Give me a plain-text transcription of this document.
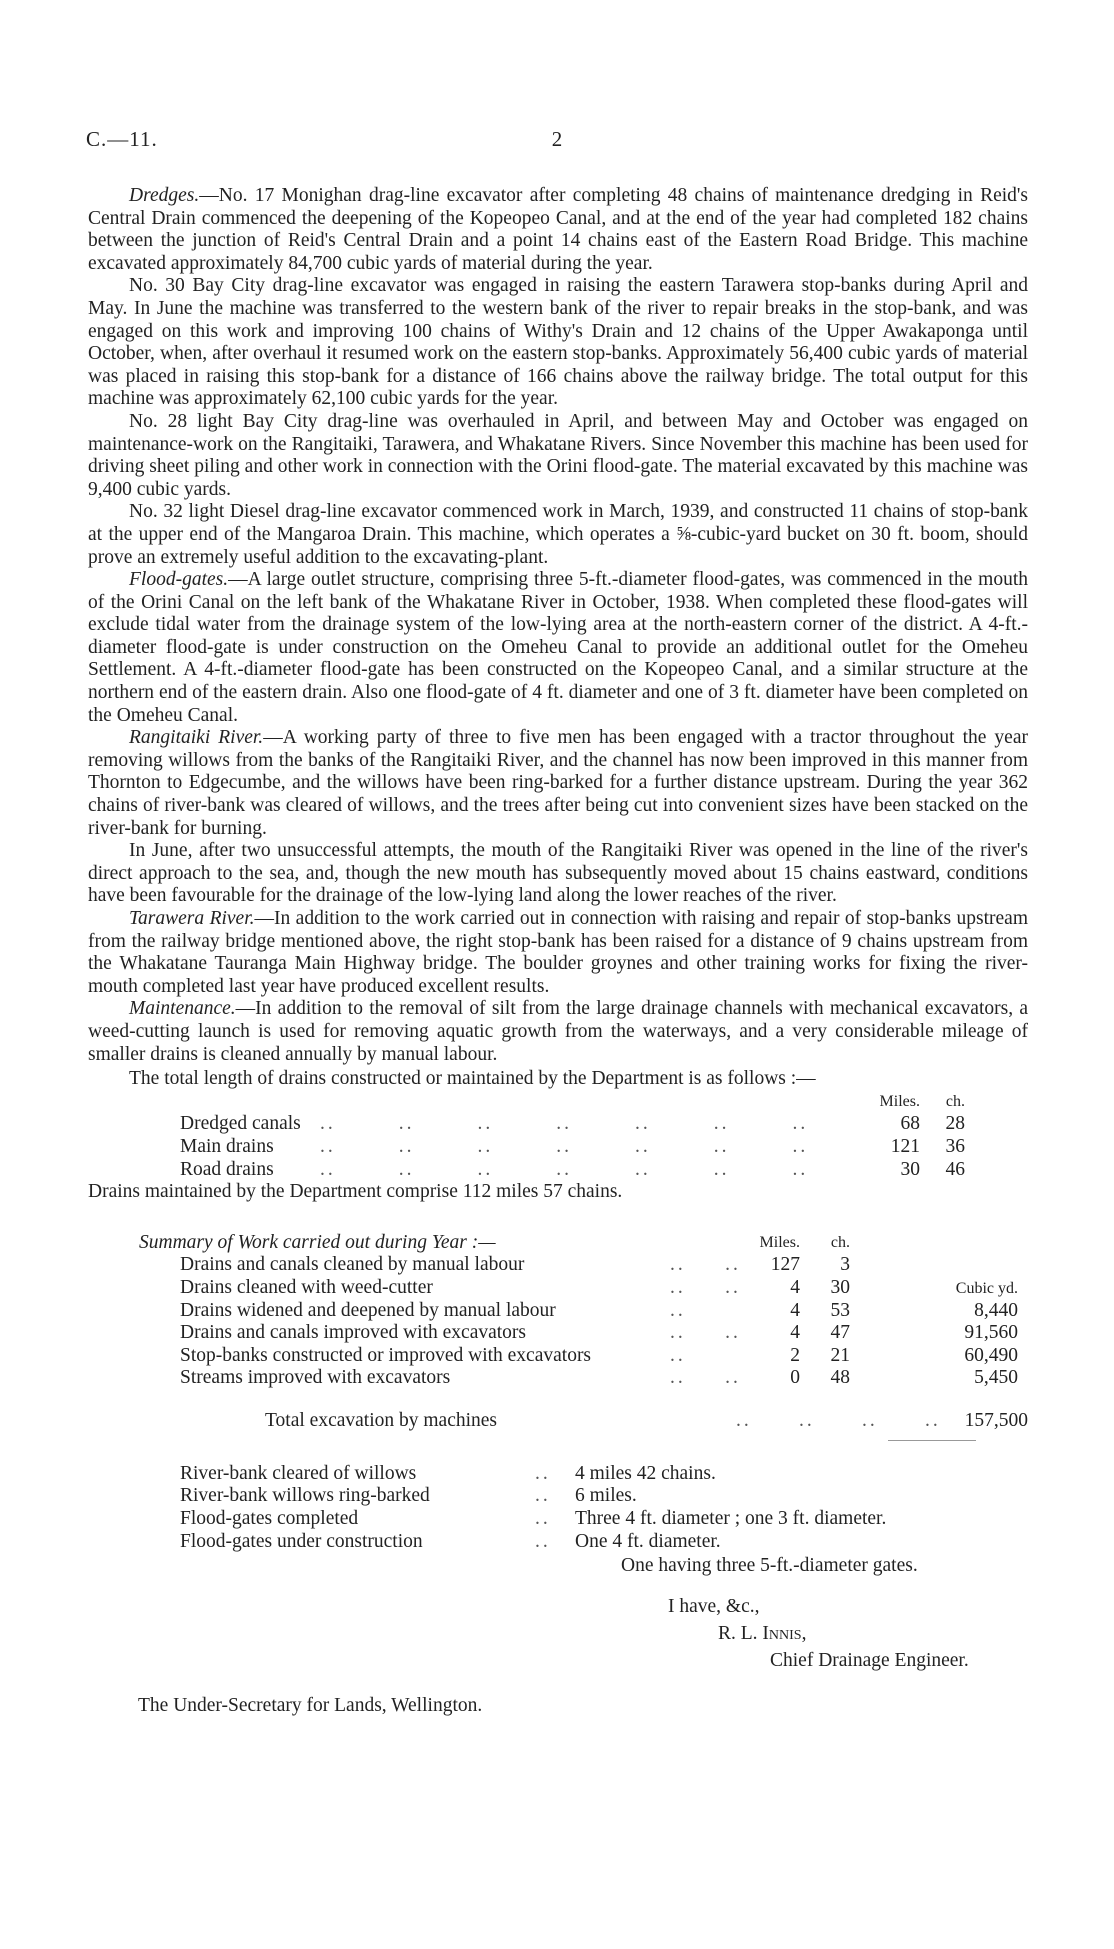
C.—11.	2

Dredges.—No. 17 Monighan drag-line excavator after completing 48 chains of maintenance dredging in Reid's Central Drain commenced the deepening of the Kopeopeo Canal, and at the end of the year had completed 182 chains between the junction of Reid's Central Drain and a point 14 chains east of the Eastern Road Bridge. This machine excavated approximately 84,700 cubic yards of material during the year.

No. 30 Bay City drag-line excavator was engaged in raising the eastern Tarawera stop-banks during April and May. In June the machine was transferred to the western bank of the river to repair breaks in the stop-bank, and was engaged on this work and improving 100 chains of Withy's Drain and 12 chains of the Upper Awakaponga until October, when, after overhaul it resumed work on the eastern stop-banks. Approximately 56,400 cubic yards of material was placed in raising this stop-bank for a distance of 166 chains above the railway bridge. The total output for this machine was approximately 62,100 cubic yards for the year.

No. 28 light Bay City drag-line was overhauled in April, and between May and October was engaged on maintenance-work on the Rangitaiki, Tarawera, and Whakatane Rivers. Since November this machine has been used for driving sheet piling and other work in connection with the Orini flood-gate. The material excavated by this machine was 9,400 cubic yards.

No. 32 light Diesel drag-line excavator commenced work in March, 1939, and constructed 11 chains of stop-bank at the upper end of the Mangaroa Drain. This machine, which operates a ⅝-cubic-yard bucket on 30 ft. boom, should prove an extremely useful addition to the excavating-plant.

Flood-gates.—A large outlet structure, comprising three 5-ft.-diameter flood-gates, was commenced in the mouth of the Orini Canal on the left bank of the Whakatane River in October, 1938. When completed these flood-gates will exclude tidal water from the drainage system of the low-lying area at the north-eastern corner of the district. A 4-ft.-diameter flood-gate is under construction on the Omeheu Canal to provide an additional outlet for the Omeheu Settlement. A 4-ft.-diameter flood-gate has been constructed on the Kopeopeo Canal, and a similar structure at the northern end of the eastern drain. Also one flood-gate of 4 ft. diameter and one of 3 ft. diameter have been completed on the Omeheu Canal.

Rangitaiki River.—A working party of three to five men has been engaged with a tractor throughout the year removing willows from the banks of the Rangitaiki River, and the channel has now been improved in this manner from Thornton to Edgecumbe, and the willows have been ring-barked for a further distance upstream. During the year 362 chains of river-bank was cleared of willows, and the trees after being cut into convenient sizes have been stacked on the river-bank for burning.

In June, after two unsuccessful attempts, the mouth of the Rangitaiki River was opened in the line of the river's direct approach to the sea, and, though the new mouth has subsequently moved about 15 chains eastward, conditions have been favourable for the drainage of the low-lying land along the lower reaches of the river.

Tarawera River.—In addition to the work carried out in connection with raising and repair of stop-banks upstream from the railway bridge mentioned above, the right stop-bank has been raised for a distance of 9 chains upstream from the Whakatane Tauranga Main Highway bridge. The boulder groynes and other training works for fixing the river-mouth completed last year have produced excellent results.

Maintenance.—In addition to the removal of silt from the large drainage channels with mechanical excavators, a weed-cutting launch is used for removing aquatic growth from the waterways, and a very considerable mileage of smaller drains is cleaned annually by manual labour.

The total length of drains constructed or maintained by the Department is as follows :—

Miles.	ch.
Dredged canals ..        ..        ..        ..        ..        ..        ..	68	28
Main drains	..        ..        ..        ..        ..        ..        ..	121	36
Road drains	..        ..        ..        ..        ..        ..        ..	30	46
Drains maintained by the Department comprise 112 miles 57 chains.
Summary of Work carried out during Year :—	Miles.	ch.
Drains and canals cleaned by manual labour	..     ..	127	3
Drains cleaned with weed-cutter	..     ..	4	30	Cubic yd.
Drains widened and deepened by manual labour	..	4	53	8,440
Drains and canals improved with excavators	..     ..	4	47	91,560
Stop-banks constructed or improved with excavators	..	2	21	60,490
Streams improved with excavators	..     ..	0	48	5,450
Total excavation by machines	..      ..      ..      ..	157,500
River-bank cleared of willows	..	4 miles 42 chains.
River-bank willows ring-barked	..	6 miles.
Flood-gates completed	..	Three 4 ft. diameter ; one 3 ft. diameter.
Flood-gates under construction	..	One 4 ft. diameter.
One having three 5-ft.-diameter gates.
I have, &c.,
R. L. Innis,
Chief Drainage Engineer.
The Under-Secretary for Lands, Wellington.
